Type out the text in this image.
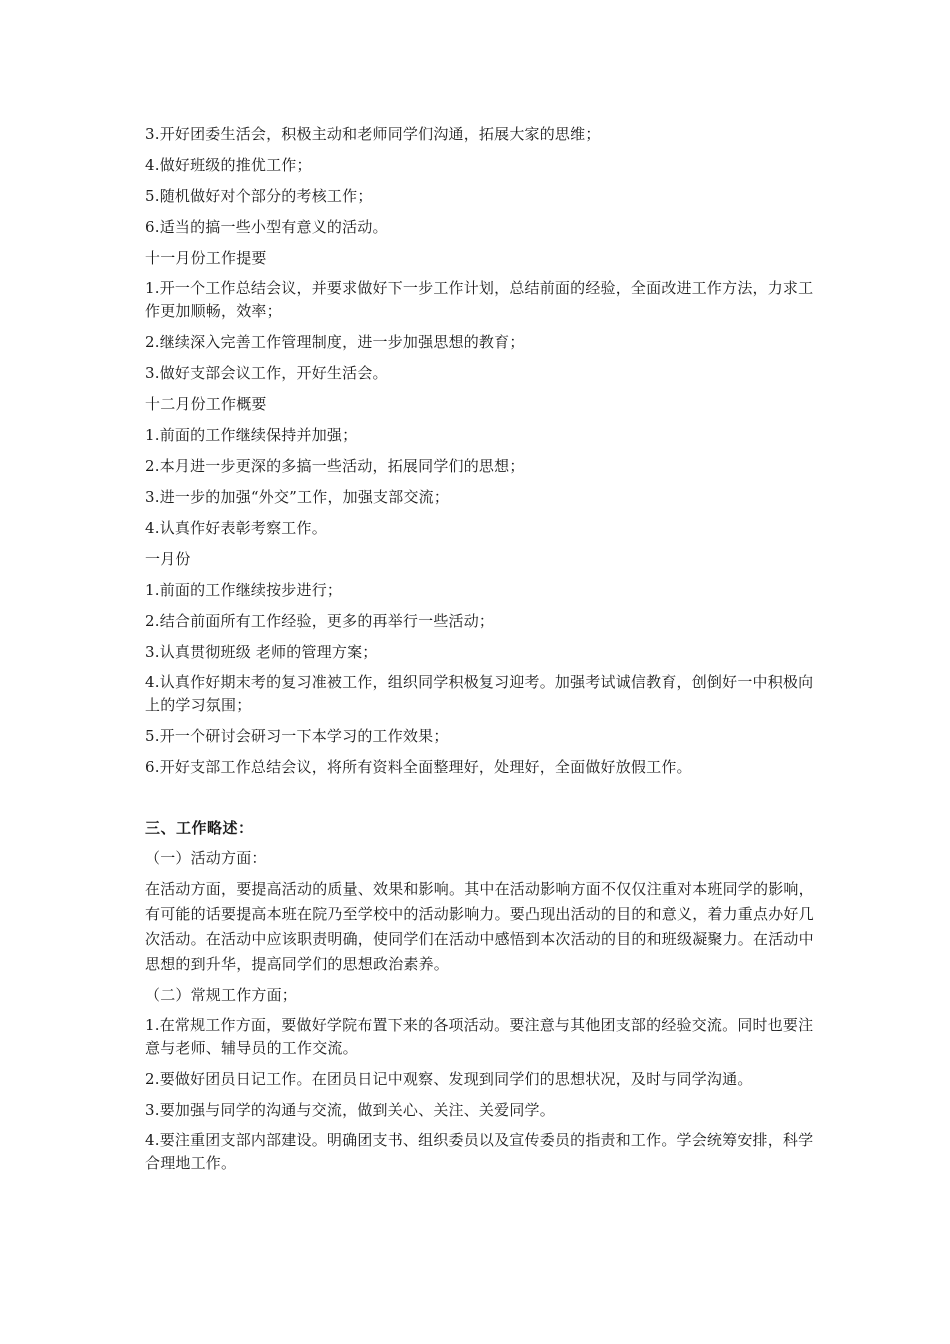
3.开好团委生活会，积极主动和老师同学们沟通，拓展大家的思维；
4.做好班级的推优工作；
5.随机做好对个部分的考核工作；
6.适当的搞一些小型有意义的活动。
十一月份工作提要
1.开一个工作总结会议，并要求做好下一步工作计划，总结前面的经验，全面改进工作方法，力求工作更加顺畅，效率；
2.继续深入完善工作管理制度，进一步加强思想的教育；
3.做好支部会议工作，开好生活会。
十二月份工作概要
1.前面的工作继续保持并加强；
2.本月进一步更深的多搞一些活动，拓展同学们的思想；
3.进一步的加强“外交”工作，加强支部交流；
4.认真作好表彰考察工作。
一月份
1.前面的工作继续按步进行；
2.结合前面所有工作经验，更多的再举行一些活动；
3.认真贯彻班级 老师的管理方案；
4.认真作好期末考的复习准被工作，组织同学积极复习迎考。加强考试诚信教育，创倒好一中积极向上的学习氛围；
5.开一个研讨会研习一下本学习的工作效果；
6.开好支部工作总结会议，将所有资料全面整理好，处理好，全面做好放假工作。
三、工作略述：
（一）活动方面：
在活动方面，要提高活动的质量、效果和影响。其中在活动影响方面不仅仅注重对本班同学的影响，有可能的话要提高本班在院乃至学校中的活动影响力。要凸现出活动的目的和意义，着力重点办好几次活动。在活动中应该职责明确，使同学们在活动中感悟到本次活动的目的和班级凝聚力。在活动中思想的到升华，提高同学们的思想政治素养。
（二）常规工作方面；
1.在常规工作方面，要做好学院布置下来的各项活动。要注意与其他团支部的经验交流。同时也要注意与老师、辅导员的工作交流。
2.要做好团员日记工作。在团员日记中观察、发现到同学们的思想状况，及时与同学沟通。
3.要加强与同学的沟通与交流，做到关心、关注、关爱同学。
4.要注重团支部内部建设。明确团支书、组织委员以及宣传委员的指责和工作。学会统筹安排，科学合理地工作。
